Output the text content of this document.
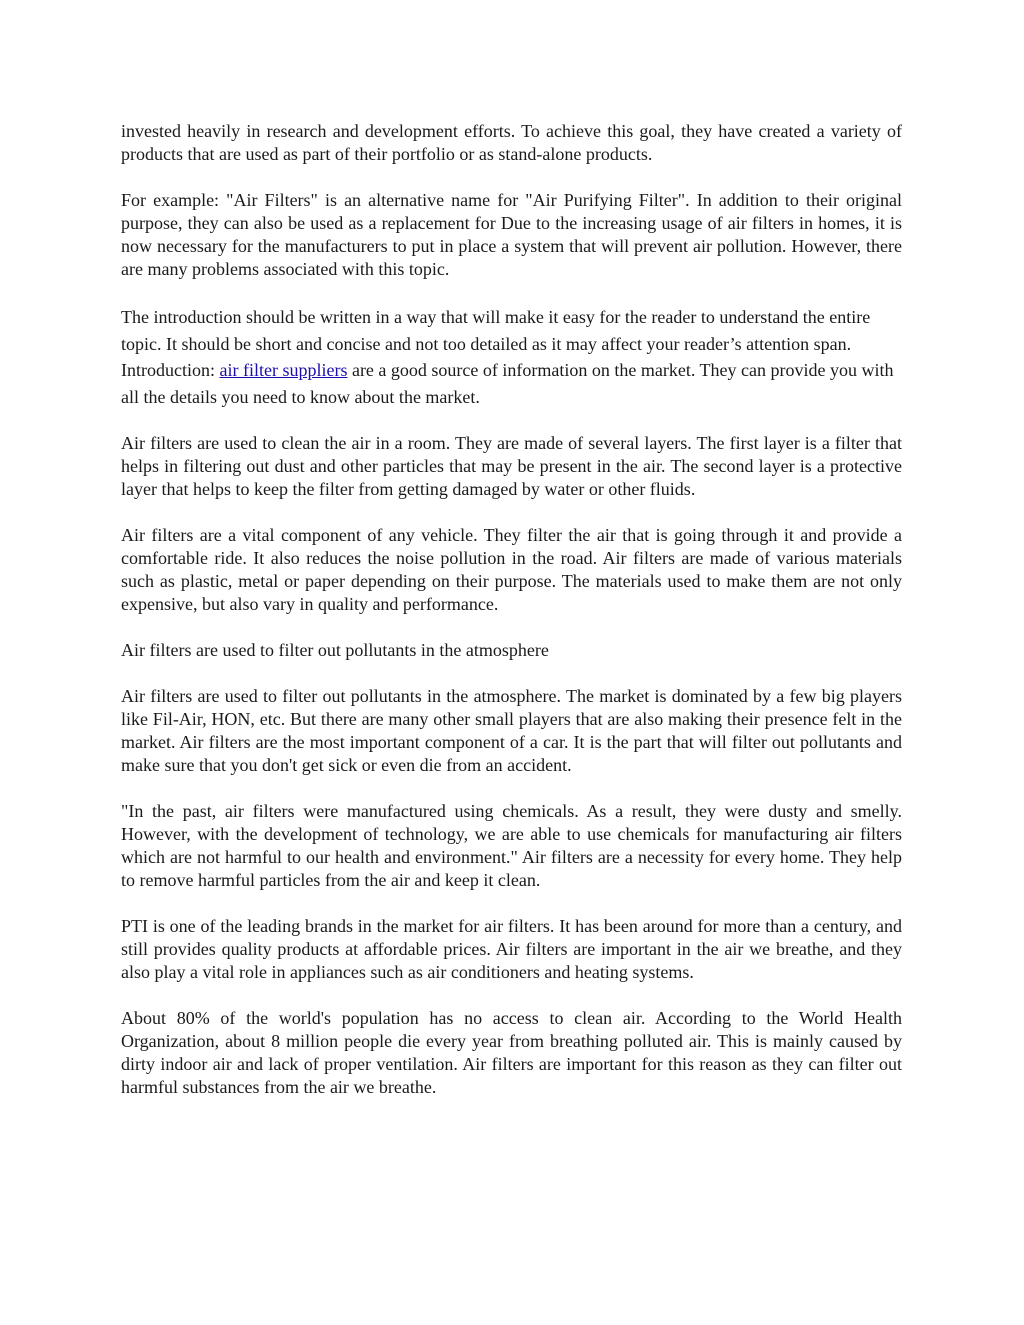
invested heavily in research and development efforts. To achieve this goal, they have created a variety of products that are used as part of their portfolio or as stand-alone products.

For example: "Air Filters" is an alternative name for "Air Purifying Filter". In addition to their original purpose, they can also be used as a replacement for Due to the increasing usage of air filters in homes, it is now necessary for the manufacturers to put in place a system that will prevent air pollution. However, there are many problems associated with this topic.

The introduction should be written in a way that will make it easy for the reader to understand the entire topic. It should be short and concise and not too detailed as it may affect your reader’s attention span. Introduction: air filter suppliers are a good source of information on the market. They can provide you with all the details you need to know about the market.

Air filters are used to clean the air in a room. They are made of several layers. The first layer is a filter that helps in filtering out dust and other particles that may be present in the air. The second layer is a protective layer that helps to keep the filter from getting damaged by water or other fluids.

Air filters are a vital component of any vehicle. They filter the air that is going through it and provide a comfortable ride. It also reduces the noise pollution in the road. Air filters are made of various materials such as plastic, metal or paper depending on their purpose. The materials used to make them are not only expensive, but also vary in quality and performance.

Air filters are used to filter out pollutants in the atmosphere

Air filters are used to filter out pollutants in the atmosphere. The market is dominated by a few big players like Fil-Air, HON, etc. But there are many other small players that are also making their presence felt in the market. Air filters are the most important component of a car. It is the part that will filter out pollutants and make sure that you don't get sick or even die from an accident.

"In the past, air filters were manufactured using chemicals. As a result, they were dusty and smelly. However, with the development of technology, we are able to use chemicals for manufacturing air filters which are not harmful to our health and environment." Air filters are a necessity for every home. They help to remove harmful particles from the air and keep it clean.

PTI is one of the leading brands in the market for air filters. It has been around for more than a century, and still provides quality products at affordable prices. Air filters are important in the air we breathe, and they also play a vital role in appliances such as air conditioners and heating systems.

About 80% of the world's population has no access to clean air. According to the World Health Organization, about 8 million people die every year from breathing polluted air. This is mainly caused by dirty indoor air and lack of proper ventilation. Air filters are important for this reason as they can filter out harmful substances from the air we breathe.
